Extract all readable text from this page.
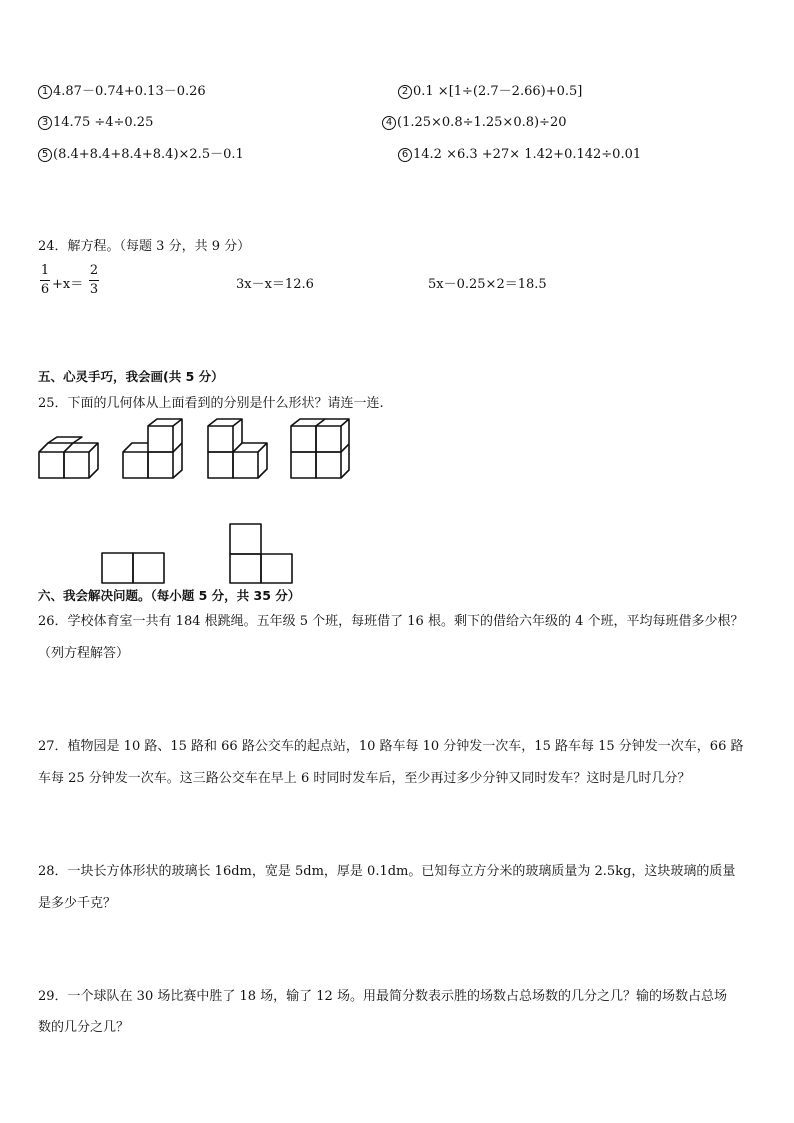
1 4.87－0.74+0.13－0.26	2 0.1 ×[1÷(2.7－2.66)+0.5]
3 14.75 ÷4÷0.25	4 (1.25×0.8÷1.25×0.8)÷20
5 (8.4+8.4+8.4+8.4)×2.5－0.1	6 14.2 ×6.3 +27× 1.42+0.142÷0.01
24．解方程。（每题 3 分，共 9 分）
1
6 +x＝
2
3	3x－x＝12.6	5x－0.25×2＝18.5
五、心灵手巧，我会画(共 5 分）
25．下面的几何体从上面看到的分别是什么形状？请连一连.
六、我会解决问题。（每小题 5 分，共 35 分）
26．学校体育室一共有 184 根跳绳。五年级 5 个班，每班借了 16 根。剩下的借给六年级的 4 个班，平均每班借多少根？
（列方程解答）
27．植物园是 10 路、15 路和 66 路公交车的起点站，10 路车每 10 分钟发一次车，15 路车每 15 分钟发一次车，66 路
车每 25 分钟发一次车。这三路公交车在早上 6 时同时发车后，至少再过多少分钟又同时发车？这时是几时几分？
28．一块长方体形状的玻璃长 16dm，宽是 5dm，厚是 0.1dm。已知每立方分米的玻璃质量为 2.5kg，这块玻璃的质量
是多少千克？
29．一个球队在 30 场比赛中胜了 18 场，输了 12 场。用最简分数表示胜的场数占总场数的几分之几？输的场数占总场
数的几分之几？
